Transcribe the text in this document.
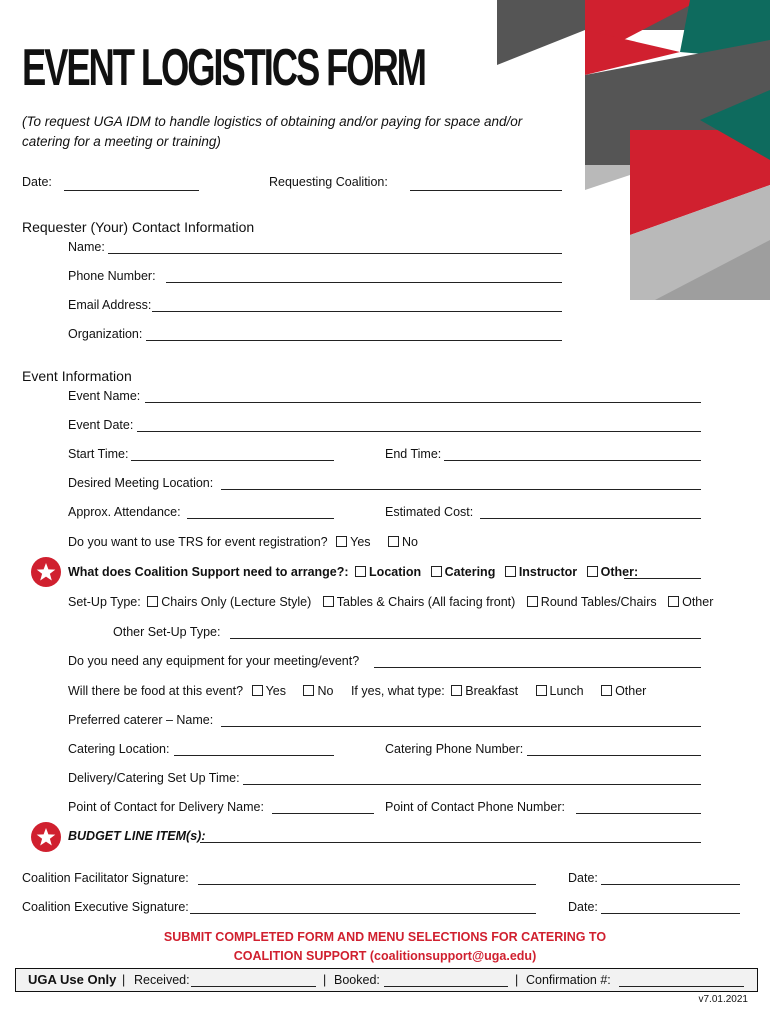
EVENT LOGISTICS FORM
(To request UGA IDM to handle logistics of obtaining and/or paying for space and/or catering for a meeting or training)
Date:	Requesting Coalition:
Requester (Your) Contact Information
Name:
Phone Number:
Email Address:
Organization:
Event Information
Event Name:
Event Date:
Start Time:	End Time:
Desired Meeting Location:
Approx. Attendance:	Estimated Cost:
Do you want to use TRS for event registration? Yes	No
What does Coalition Support need to arrange?: Location Catering Instructor Other:
Set-Up Type: Chairs Only (Lecture Style) Tables & Chairs (All facing front) Round Tables/Chairs Other
Other Set-Up Type:
Do you need any equipment for your meeting/event?
Will there be food at this event? Yes	No If yes, what type: Breakfast	Lunch	Other
Preferred caterer – Name:
Catering Location:	Catering Phone Number:
Delivery/Catering Set Up Time:
Point of Contact for Delivery Name:	Point of Contact Phone Number:
BUDGET LINE ITEM(s):
Coalition Facilitator Signature:	Date:
Coalition Executive Signature:	Date:
SUBMIT COMPLETED FORM AND MENU SELECTIONS FOR CATERING TO
COALITION SUPPORT (coalitionsupport@uga.edu)
UGA Use Only | Received:	| Booked:	| Confirmation #:
v7.01.2021
